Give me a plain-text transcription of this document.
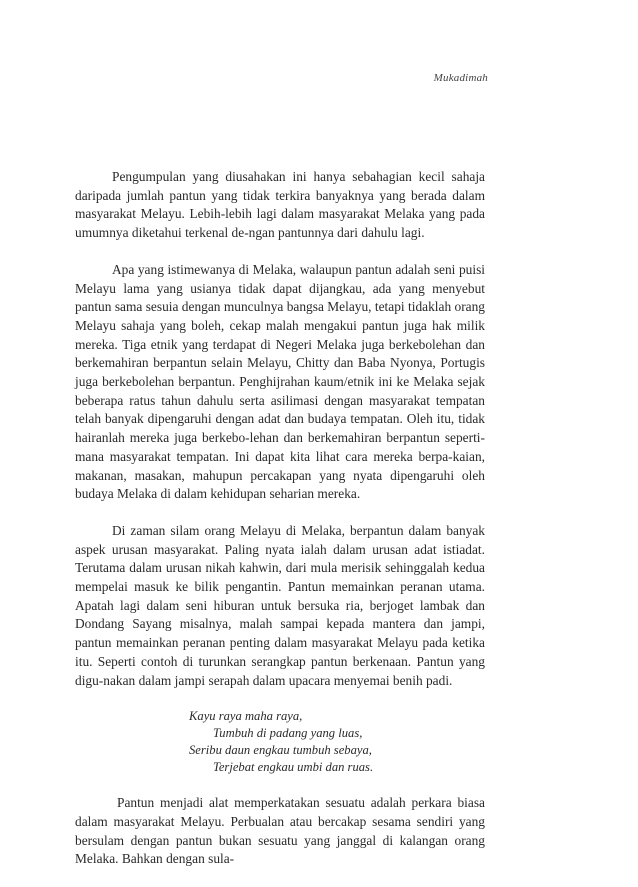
Mukadimah

Pengumpulan yang diusahakan ini hanya sebahagian kecil sahaja daripada jumlah pantun yang tidak terkira banyaknya yang berada dalam masyarakat Melayu. Lebih-lebih lagi dalam masyarakat Melaka yang pada umumnya diketahui terkenal de-ngan pantunnya dari dahulu lagi.

Apa yang istimewanya di Melaka, walaupun pantun adalah seni puisi Melayu lama yang usianya tidak dapat dijangkau, ada yang menyebut pantun sama sesuia dengan munculnya bangsa Melayu, tetapi tidaklah orang Melayu sahaja yang boleh, cekap malah mengakui pantun juga hak milik mereka. Tiga etnik yang terdapat di Negeri Melaka juga berkebolehan dan berkemahiran berpantun selain Melayu, Chitty dan Baba Nyonya, Portugis juga berkebolehan berpantun. Penghijrahan kaum/etnik ini ke Melaka sejak beberapa ratus tahun dahulu serta asilimasi dengan masyarakat tempatan telah banyak dipengaruhi dengan adat dan budaya tempatan. Oleh itu, tidak hairanlah mereka juga berkebo-lehan dan berkemahiran berpantun seperti-mana masyarakat tempatan. Ini dapat kita lihat cara mereka berpa-kaian, makanan, masakan, mahupun percakapan yang nyata dipengaruhi oleh budaya Melaka di dalam kehidupan seharian mereka.

Di zaman silam orang Melayu di Melaka, berpantun dalam banyak aspek urusan masyarakat. Paling nyata ialah dalam urusan adat istiadat. Terutama dalam urusan nikah kahwin, dari mula merisik sehinggalah kedua mempelai masuk ke bilik pengantin. Pantun memainkan peranan utama. Apatah lagi dalam seni hiburan untuk bersuka ria, berjoget lambak dan Dondang Sayang misalnya, malah sampai kepada mantera dan jampi, pantun memainkan peranan penting dalam masyarakat Melayu pada ketika itu. Seperti contoh di turunkan serangkap pantun berkenaan. Pantun yang digu-nakan dalam jampi serapah dalam upacara menyemai benih padi.

Kayu raya maha raya,
Tumbuh di padang yang luas,
Seribu daun engkau tumbuh sebaya,
Terjebat engkau umbi dan ruas.

Pantun menjadi alat memperkatakan sesuatu adalah perkara biasa dalam masyarakat Melayu. Perbualan atau bercakap sesama sendiri yang bersulam dengan pantun bukan sesuatu yang janggal di kalangan orang Melaka. Bahkan dengan sula-
